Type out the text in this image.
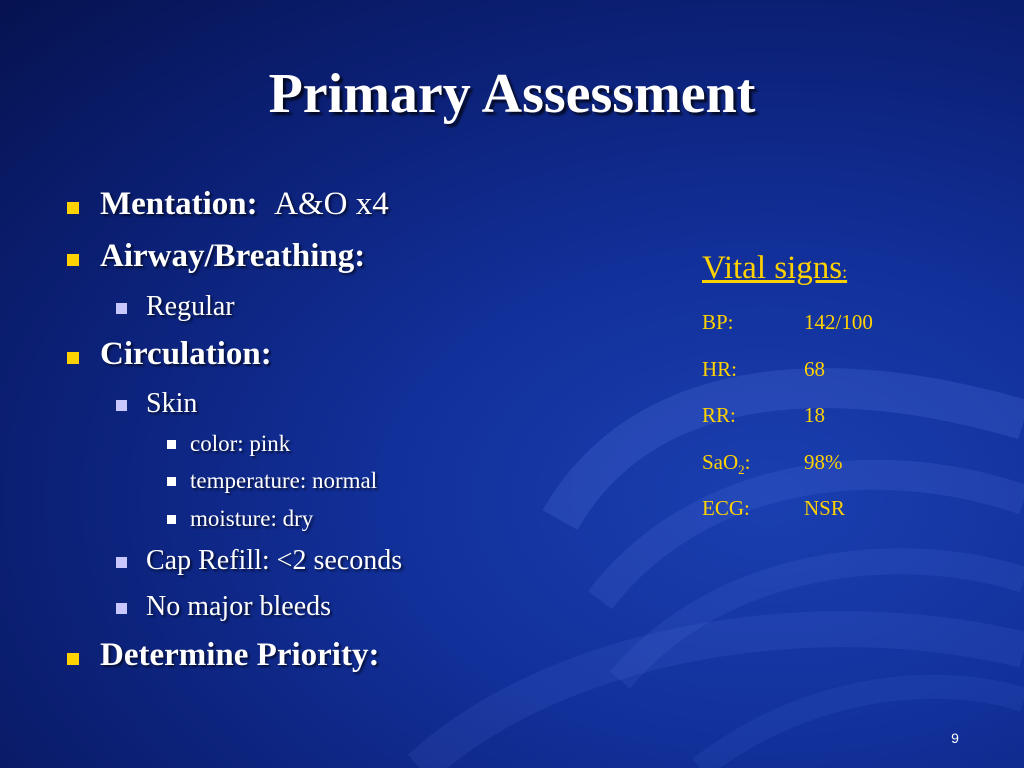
Primary Assessment
Mentation: A&O x4
Airway/Breathing:
Regular
Circulation:
Skin
color: pink
temperature: normal
moisture: dry
Cap Refill: <2 seconds
No major bleeds
Determine Priority:
Vital signs:
BP:	142/100
HR:	68
RR:	18
SaO$_2$:	98%
ECG:	NSR
9
